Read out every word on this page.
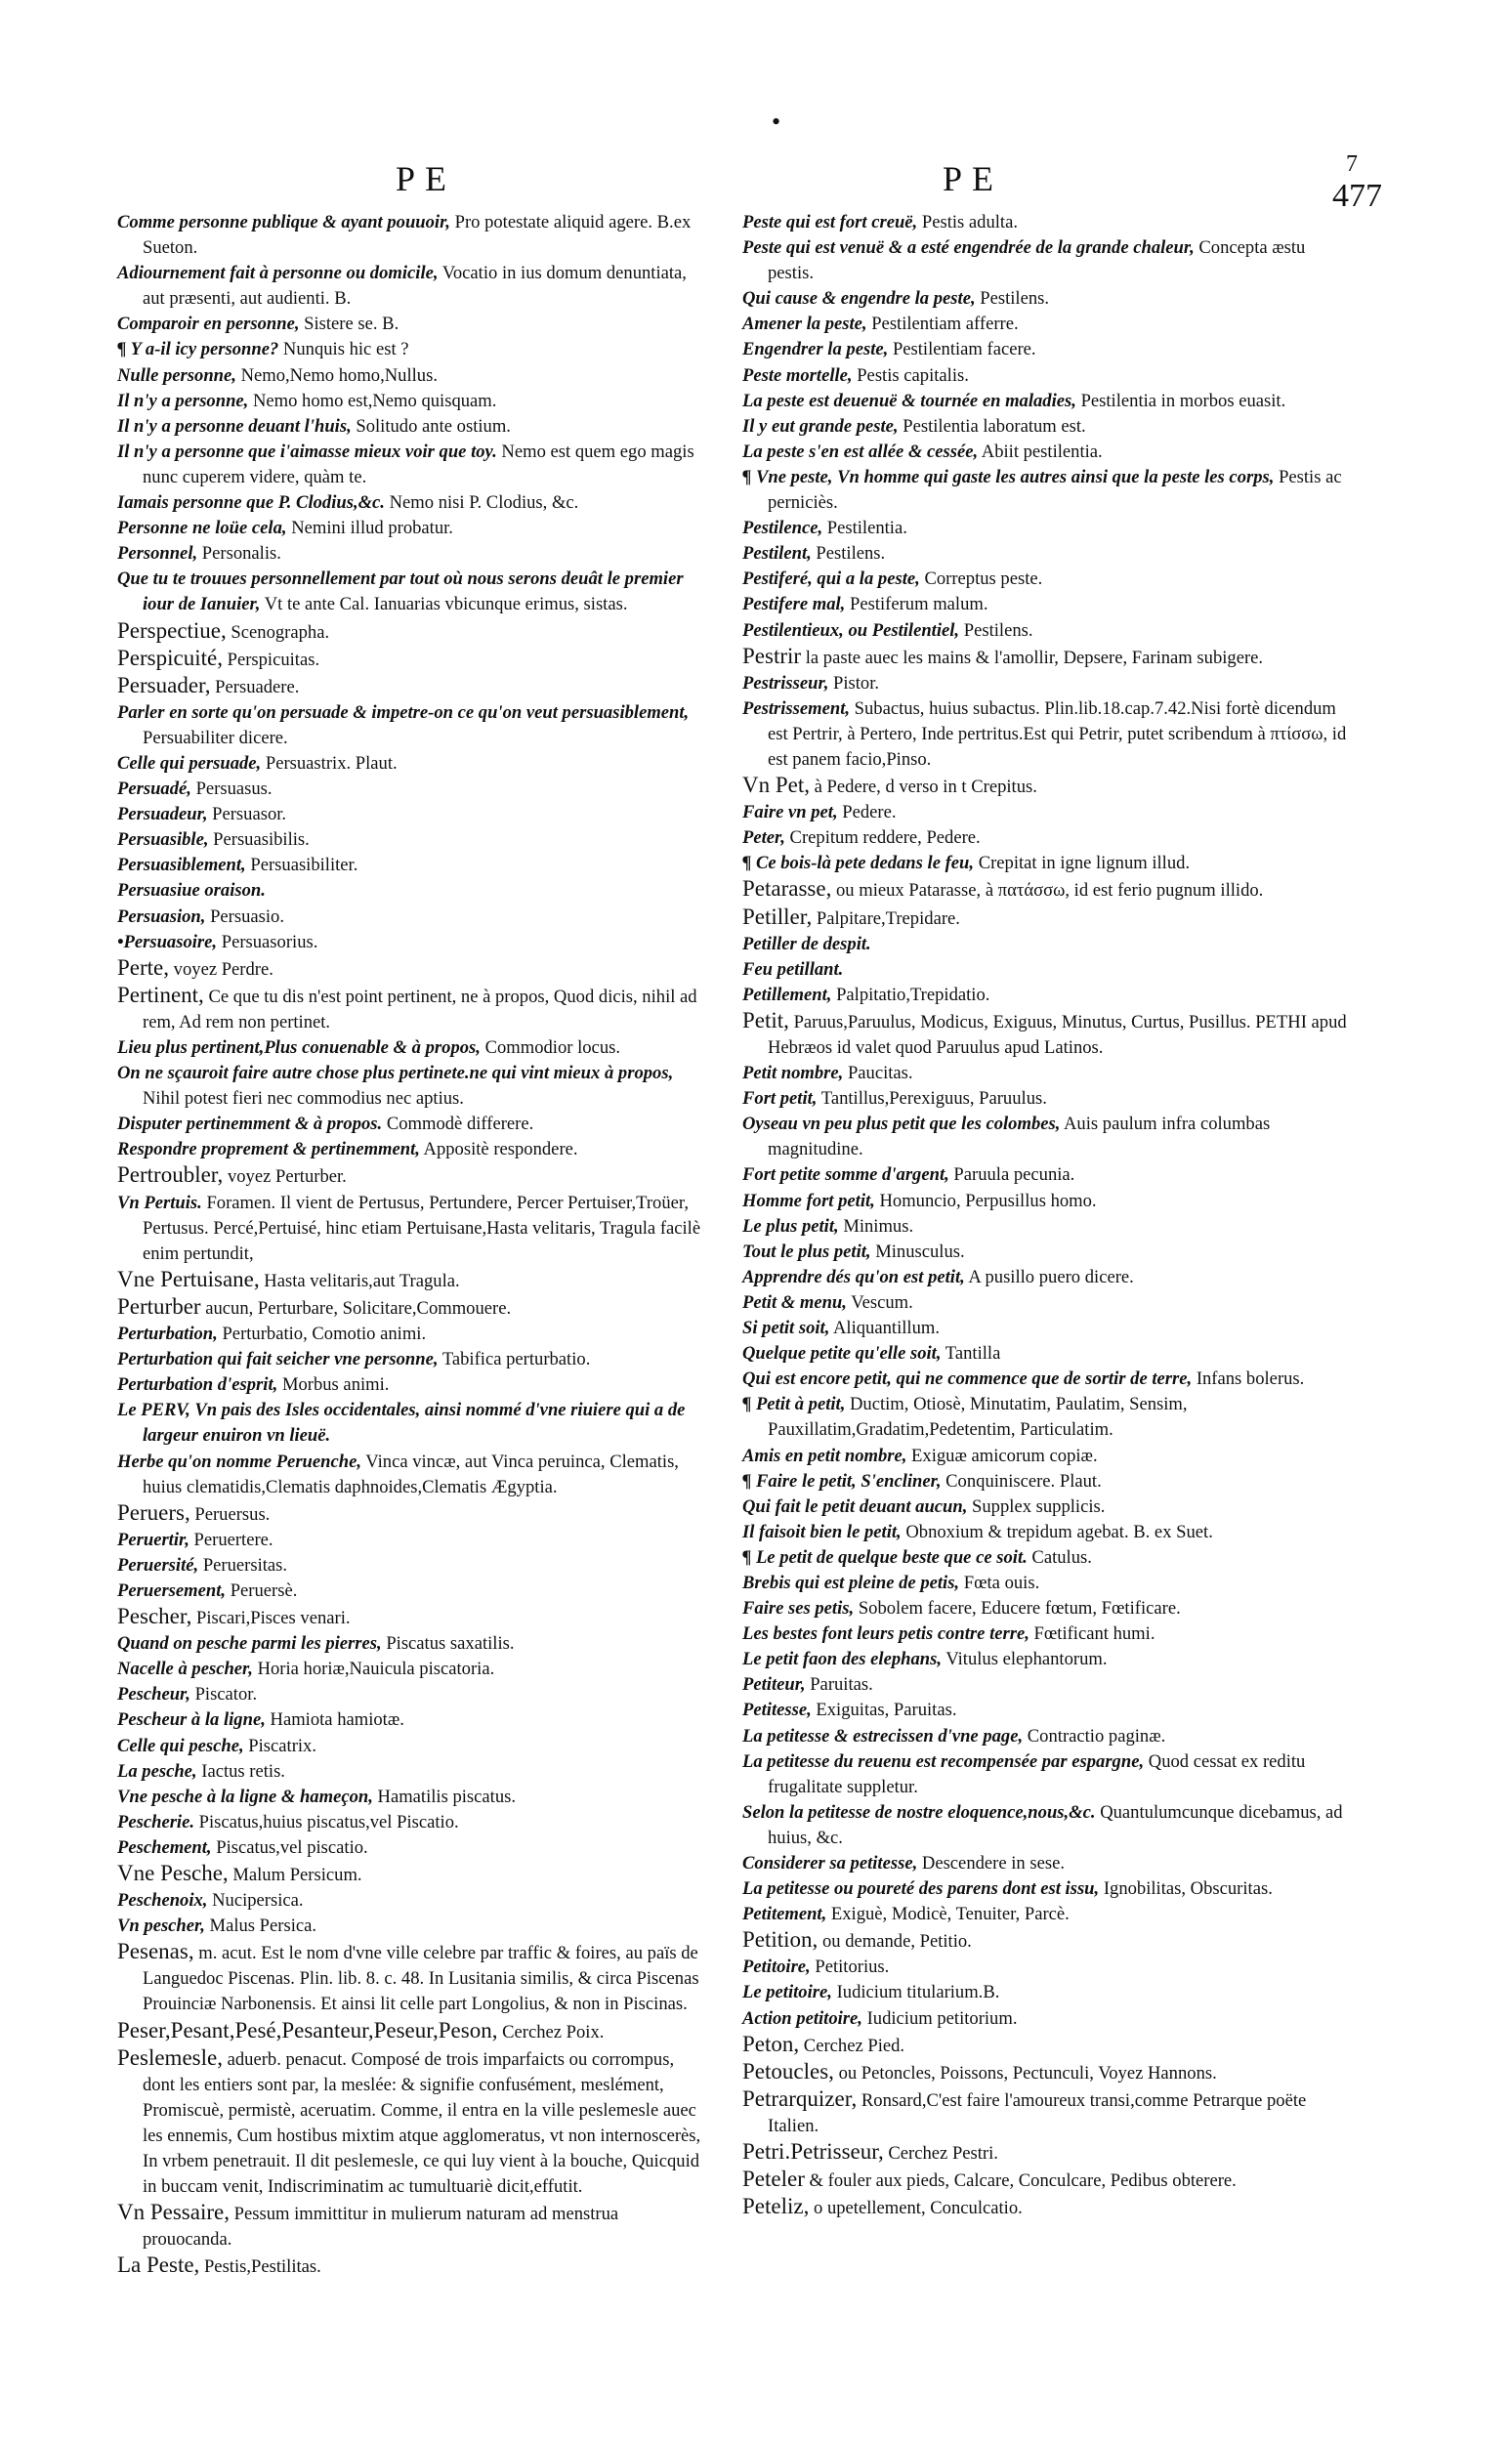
•
PE	PE	7
477

Comme personne publique & ayant pouuoir, Pro potestate aliquid agere. B.ex Sueton.

Adiournement fait à personne ou domicile, Vocatio in ius domum denuntiata, aut præsenti, aut audienti. B.

Comparoir en personne, Sistere se. B.

¶ Y a-il icy personne? Nunquis hic est ?

Nulle personne, Nemo,Nemo homo,Nullus.

Il n'y a personne, Nemo homo est,Nemo quisquam.

Il n'y a personne deuant l'huis, Solitudo ante ostium.

Il n'y a personne que i'aimasse mieux voir que toy. Nemo est quem ego magis nunc cuperem videre, quàm te.

Iamais personne que P. Clodius,&c. Nemo nisi P. Clodius, &c.

Personne ne loüe cela, Nemini illud probatur.

Personnel, Personalis.

Que tu te trouues personnellement par tout où nous serons deuât le premier iour de Ianuier, Vt te ante Cal. Ianuarias vbicunque erimus, sistas.

Perspectiue, Scenographa.

Perspicuité, Perspicuitas.

Persuader, Persuadere.

Parler en sorte qu'on persuade & impetre-on ce qu'on veut persuasiblement, Persuabiliter dicere.

Celle qui persuade, Persuastrix. Plaut.

Persuadé, Persuasus.

Persuadeur, Persuasor.

Persuasible, Persuasibilis.

Persuasiblement, Persuasibiliter.

Persuasiue oraison.

Persuasion, Persuasio.

•Persuasoire, Persuasorius.

Perte, voyez Perdre.

Pertinent, Ce que tu dis n'est point pertinent, ne à propos, Quod dicis, nihil ad rem, Ad rem non pertinet.

Lieu plus pertinent,Plus conuenable & à propos, Commodior locus.

On ne sçauroit faire autre chose plus pertinete.ne qui vint mieux à propos, Nihil potest fieri nec commodius nec aptius.

Disputer pertinemment & à propos. Commodè differere.

Respondre proprement & pertinemment, Appositè respondere.

Pertroubler, voyez Perturber.

Vn Pertuis. Foramen. Il vient de Pertusus, Pertundere, Percer Pertuiser,Troüer, Pertusus. Percé,Pertuisé, hinc etiam Pertuisane,Hasta velitaris, Tragula facilè enim pertundit,

Vne Pertuisane, Hasta velitaris,aut Tragula.

Perturber aucun, Perturbare, Solicitare,Commouere.

Perturbation, Perturbatio, Comotio animi.

Perturbation qui fait seicher vne personne, Tabifica perturbatio.

Perturbation d'esprit, Morbus animi.

Le PERV, Vn pais des Isles occidentales, ainsi nommé d'vne riuiere qui a de largeur enuiron vn lieuë.

Herbe qu'on nomme Peruenche, Vinca vincæ, aut Vinca peruinca, Clematis, huius clematidis,Clematis daphnoides,Clematis Ægyptia.

Peruers, Peruersus.

Peruertir, Peruertere.

Peruersité, Peruersitas.

Peruersement, Peruersè.

Pescher, Piscari,Pisces venari.

Quand on pesche parmi les pierres, Piscatus saxatilis.

Nacelle à pescher, Horia horiæ,Nauicula piscatoria.

Pescheur, Piscator.

Pescheur à la ligne, Hamiota hamiotæ.

Celle qui pesche, Piscatrix.

La pesche, Iactus retis.

Vne pesche à la ligne & hameçon, Hamatilis piscatus.

Pescherie. Piscatus,huius piscatus,vel Piscatio.

Peschement, Piscatus,vel piscatio.

Vne Pesche, Malum Persicum.

Peschenoix, Nucipersica.

Vn pescher, Malus Persica.

Pesenas, m. acut. Est le nom d'vne ville celebre par traffic & foires, au païs de Languedoc Piscenas. Plin. lib. 8. c. 48. In Lusitania similis, & circa Piscenas Prouinciæ Narbonensis. Et ainsi lit celle part Longolius, & non in Piscinas.

Peser,Pesant,Pesé,Pesanteur,Peseur,Peson, Cerchez Poix.

Peslemesle, aduerb. penacut. Composé de trois imparfaicts ou corrompus, dont les entiers sont par, la meslée: & signifie confusément, meslément, Promiscuè, permistè, aceruatim. Comme, il entra en la ville peslemesle auec les ennemis, Cum hostibus mixtim atque agglomeratus, vt non internoscerès, In vrbem penetrauit. Il dit peslemesle, ce qui luy vient à la bouche, Quicquid in buccam venit, Indiscriminatim ac tumultuariè dicit,effutit.

Vn Pessaire, Pessum immittitur in mulierum naturam ad menstrua prouocanda.

La Peste, Pestis,Pestilitas.

Peste qui est fort creuë, Pestis adulta.

Peste qui est venuë & a esté engendrée de la grande chaleur, Concepta æstu pestis.

Qui cause & engendre la peste, Pestilens.

Amener la peste, Pestilentiam afferre.

Engendrer la peste, Pestilentiam facere.

Peste mortelle, Pestis capitalis.

La peste est deuenuë & tournée en maladies, Pestilentia in morbos euasit.

Il y eut grande peste, Pestilentia laboratum est.

La peste s'en est allée & cessée, Abiit pestilentia.

¶ Vne peste, Vn homme qui gaste les autres ainsi que la peste les corps, Pestis ac perniciès.

Pestilence, Pestilentia.

Pestilent, Pestilens.

Pestiferé, qui a la peste, Correptus peste.

Pestifere mal, Pestiferum malum.

Pestilentieux, ou Pestilentiel, Pestilens.

Pestrir la paste auec les mains & l'amollir, Depsere, Farinam subigere.

Pestrisseur, Pistor.

Pestrissement, Subactus, huius subactus. Plin.lib.18.cap.7.42.Nisi fortè dicendum est Pertrir, à Pertero, Inde pertritus.Est qui Petrir, putet scribendum à πτίσσω, id est panem facio,Pinso.

Vn Pet, à Pedere, d verso in t Crepitus.

Faire vn pet, Pedere.

Peter, Crepitum reddere, Pedere.

¶ Ce bois-là pete dedans le feu, Crepitat in igne lignum illud.

Petarasse, ou mieux Patarasse, à πατάσσω, id est ferio pugnum illido.

Petiller, Palpitare,Trepidare.

Petiller de despit.

Feu petillant.

Petillement, Palpitatio,Trepidatio.

Petit, Paruus,Paruulus, Modicus, Exiguus, Minutus, Curtus, Pusillus. PETHI apud Hebræos id valet quod Paruulus apud Latinos.

Petit nombre, Paucitas.

Fort petit, Tantillus,Perexiguus, Paruulus.

Oyseau vn peu plus petit que les colombes, Auis paulum infra columbas magnitudine.

Fort petite somme d'argent, Paruula pecunia.

Homme fort petit, Homuncio, Perpusillus homo.

Le plus petit, Minimus.

Tout le plus petit, Minusculus.

Apprendre dés qu'on est petit, A pusillo puero dicere.

Petit & menu, Vescum.

Si petit soit, Aliquantillum.

Quelque petite qu'elle soit, Tantilla

Qui est encore petit, qui ne commence que de sortir de terre, Infans bolerus.

¶ Petit à petit, Ductim, Otiosè, Minutatim, Paulatim, Sensim, Pauxillatim,Gradatim,Pedetentim, Particulatim.

Amis en petit nombre, Exiguæ amicorum copiæ.

¶ Faire le petit, S'encliner, Conquiniscere. Plaut.

Qui fait le petit deuant aucun, Supplex supplicis.

Il faisoit bien le petit, Obnoxium & trepidum agebat. B. ex Suet.

¶ Le petit de quelque beste que ce soit. Catulus.

Brebis qui est pleine de petis, Fœta ouis.

Faire ses petis, Sobolem facere, Educere fœtum, Fœtificare.

Les bestes font leurs petis contre terre, Fœtificant humi.

Le petit faon des elephans, Vitulus elephantorum.

Petiteur, Paruitas.

Petitesse, Exiguitas, Paruitas.

La petitesse & estrecissen d'vne page, Contractio paginæ.

La petitesse du reuenu est recompensée par espargne, Quod cessat ex reditu frugalitate suppletur.

Selon la petitesse de nostre eloquence,nous,&c. Quantulumcunque dicebamus, ad huius, &c.

Considerer sa petitesse, Descendere in sese.

La petitesse ou poureté des parens dont est issu, Ignobilitas, Obscuritas.

Petitement, Exiguè, Modicè, Tenuiter, Parcè.

Petition, ou demande, Petitio.

Petitoire, Petitorius.

Le petitoire, Iudicium titularium.B.

Action petitoire, Iudicium petitorium.

Peton, Cerchez Pied.

Petoucles, ou Petoncles, Poissons, Pectunculi, Voyez Hannons.

Petrarquizer, Ronsard,C'est faire l'amoureux transi,comme Petrarque poëte Italien.

Petri.Petrisseur, Cerchez Pestri.

Peteler & fouler aux pieds, Calcare, Conculcare, Pedibus obterere.

Peteliz, o upetellement, Conculcatio.
